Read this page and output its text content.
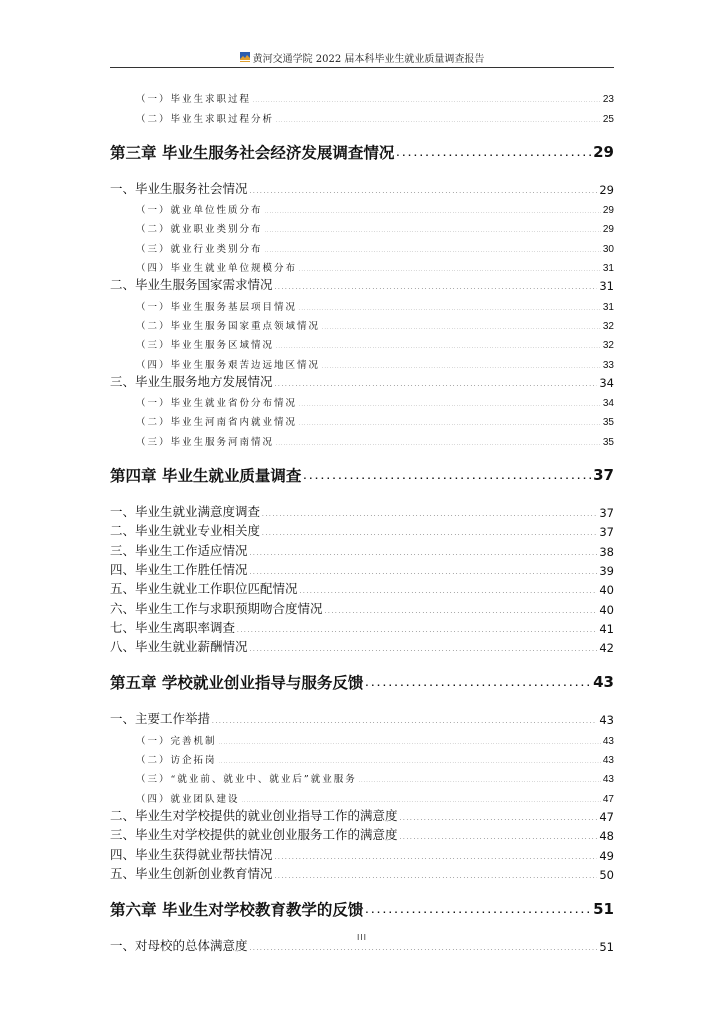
黄河交通学院 2022 届本科毕业生就业质量调查报告
（一）毕业生求职过程 . . .	23
（二）毕业生求职过程分析 . . .	25
第三章 毕业生服务社会经济发展调查情况 . . .	29
一、毕业生服务社会情况 . . .	29
（一）就业单位性质分布 . . .	29
（二）就业职业类别分布 . . .	29
（三）就业行业类别分布 . . .	30
（四）毕业生就业单位规模分布 . . .	31
二、毕业生服务国家需求情况 . . .	31
（一）毕业生服务基层项目情况 . . .	31
（二）毕业生服务国家重点领域情况 . . .	32
（三）毕业生服务区域情况 . . .	32
（四）毕业生服务艰苦边远地区情况 . . .	33
三、毕业生服务地方发展情况 . . .	34
（一）毕业生就业省份分布情况 . . .	34
（二）毕业生河南省内就业情况 . . .	35
（三）毕业生服务河南情况 . . .	35
第四章 毕业生就业质量调查 . . .	37
一、毕业生就业满意度调查 . . .	37
二、毕业生就业专业相关度 . . .	37
三、毕业生工作适应情况 . . .	38
四、毕业生工作胜任情况 . . .	39
五、毕业生就业工作职位匹配情况 . . .	40
六、毕业生工作与求职预期吻合度情况 . . .	40
七、毕业生离职率调查 . . .	41
八、毕业生就业薪酬情况 . . .	42
第五章 学校就业创业指导与服务反馈 . . .	43
一、主要工作举措 . . .	43
（一）完善机制 . . .	43
（二）访企拓岗 . . .	43
（三）“就业前、就业中、就业后”就业服务 . . .	43
（四）就业团队建设 . . .	47
二、毕业生对学校提供的就业创业指导工作的满意度 . . .	47
三、毕业生对学校提供的就业创业服务工作的满意度 . . .	48
四、毕业生获得就业帮扶情况 . . .	49
五、毕业生创新创业教育情况 . . .	50
第六章 毕业生对学校教育教学的反馈 . . .	51
一、对母校的总体满意度 . . .	51
III
